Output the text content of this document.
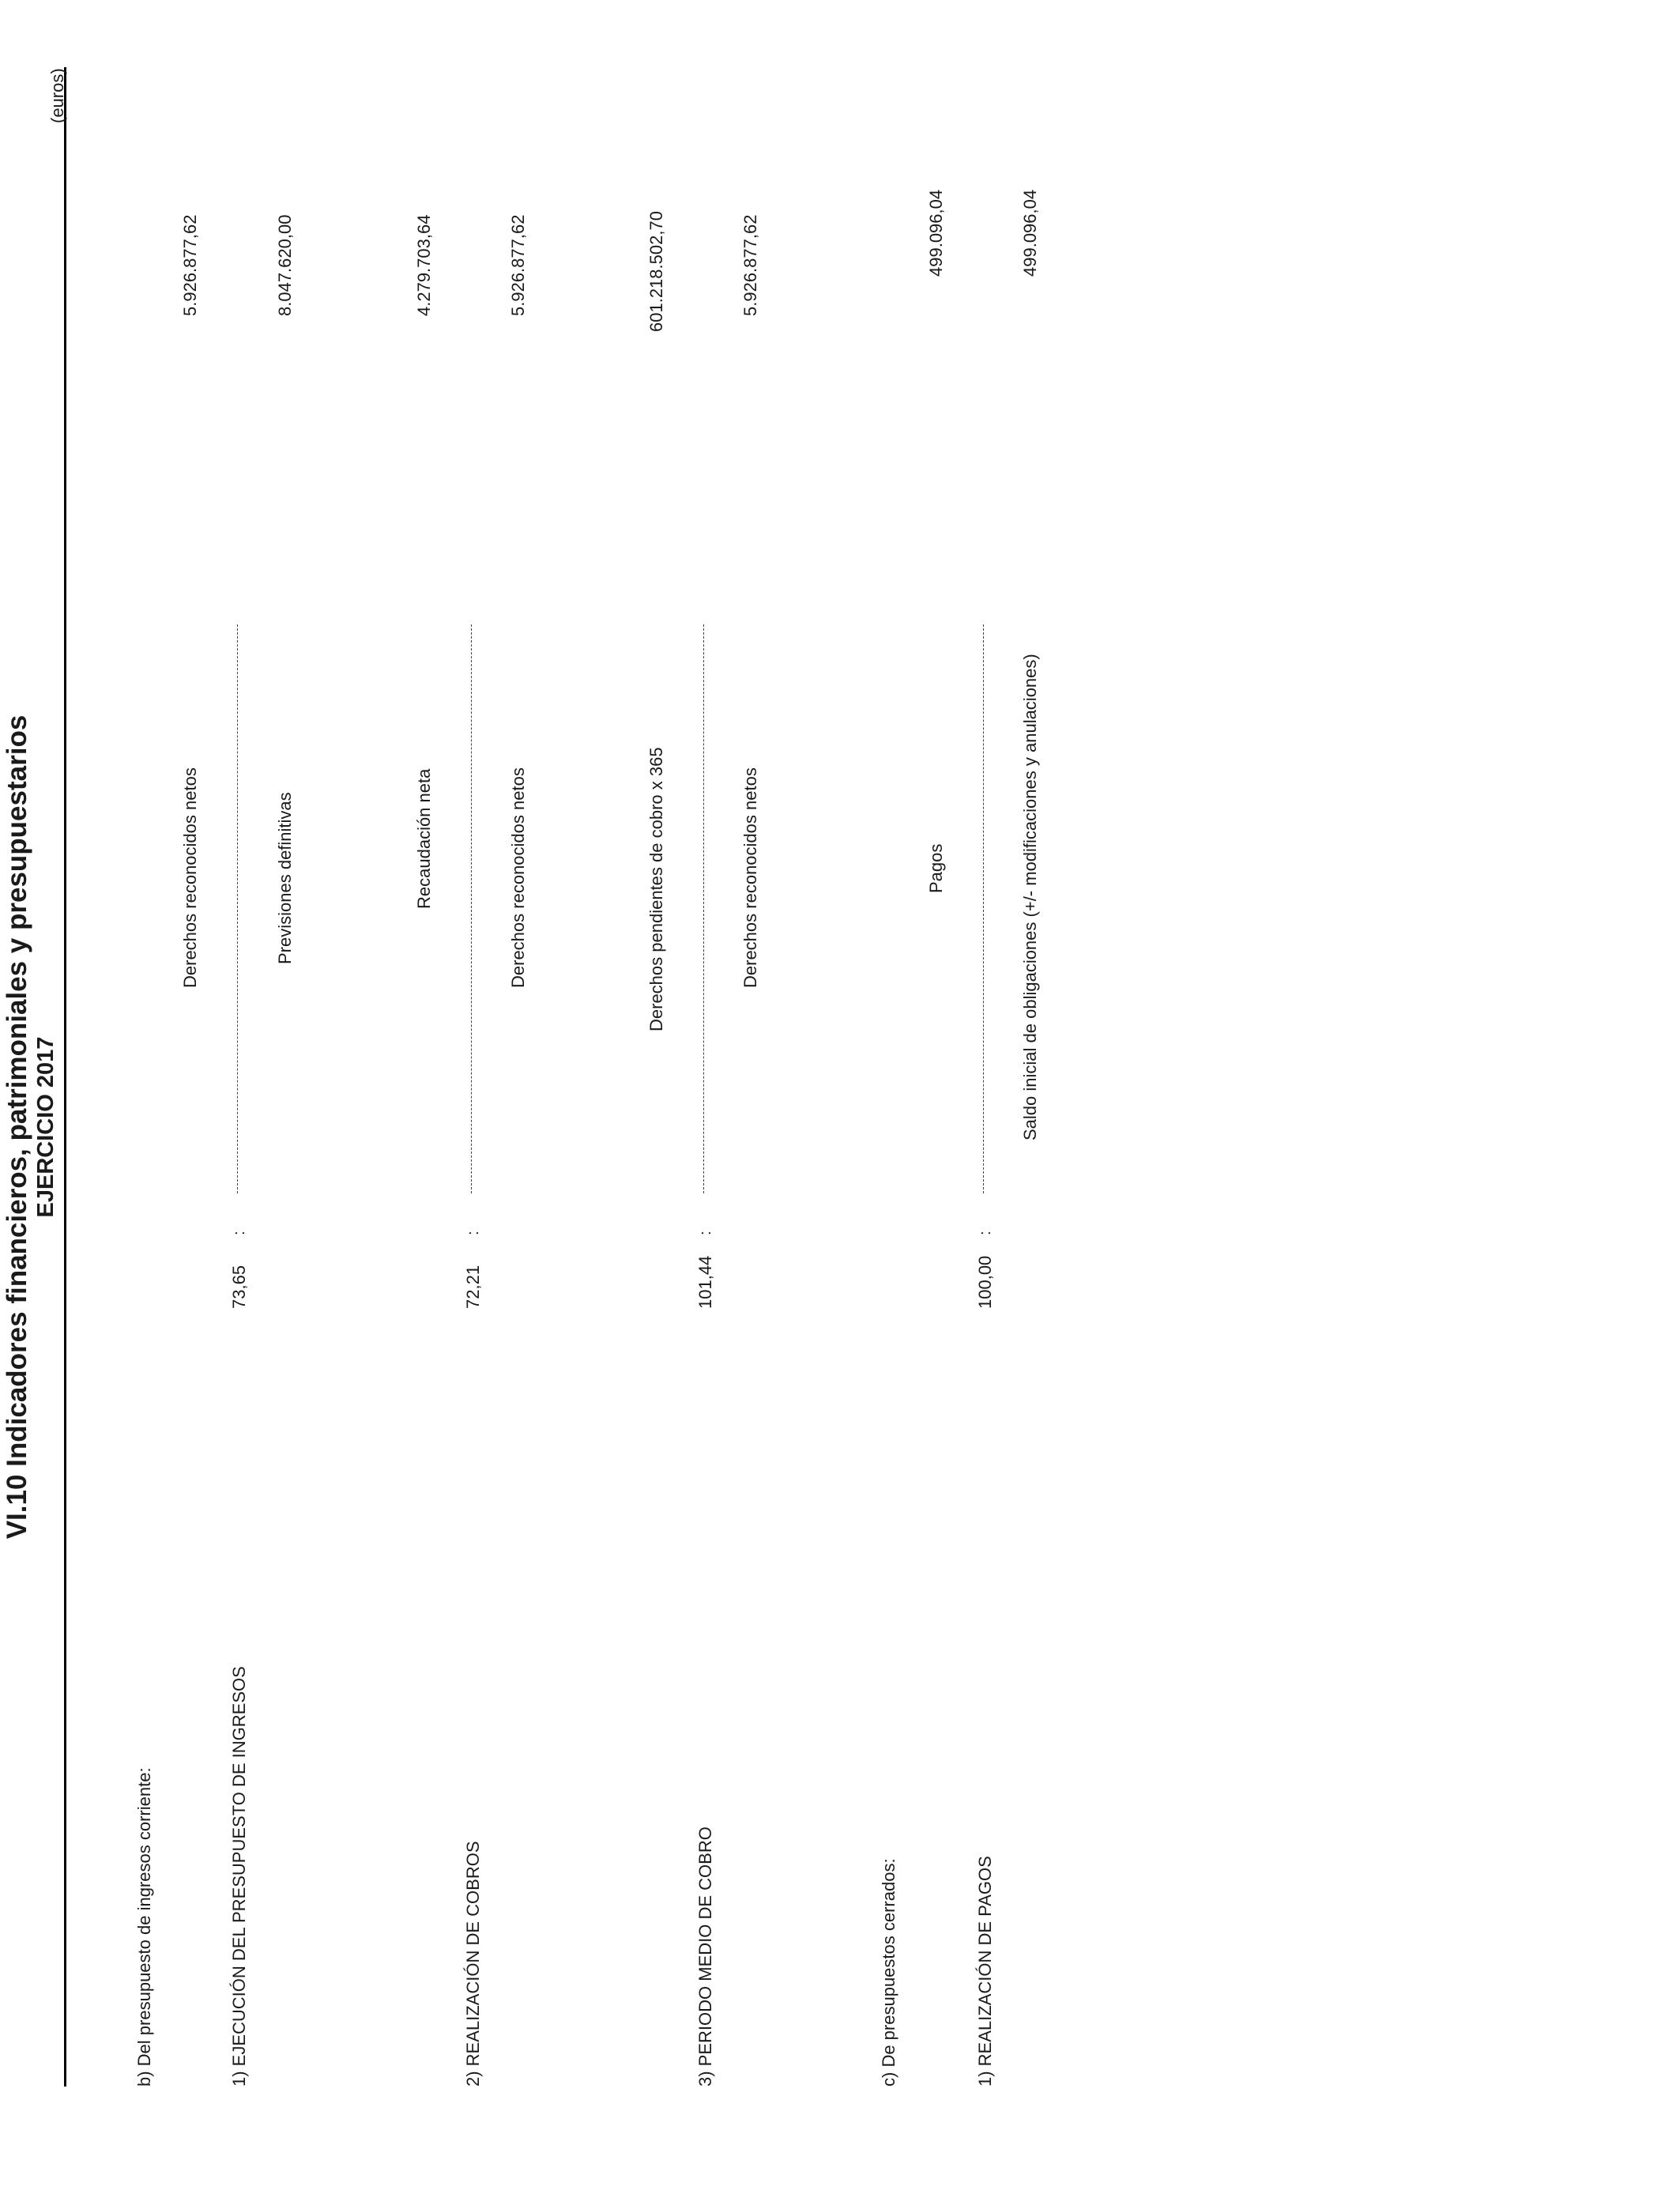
VI.10 Indicadores financieros, patrimoniales y presupuestarios EJERCICIO 2017
(euros)
b) Del presupuesto de ingresos corriente:	1) EJECUCIÓN DEL PRESUPUESTO DE INGRESOS
73,65
:
Derechos reconocidos netos	Previsiones definitivas
5.926.877,62	8.047.620,00
2) REALIZACIÓN DE COBROS
72,21
:
Recaudación neta	Derechos reconocidos netos
4.279.703,64	5.926.877,62
3) PERIODO MEDIO DE COBRO
101,44
:
Derechos pendientes de cobro x 365	Derechos reconocidos netos
601.218.502,70	5.926.877,62
c) De presupuestos cerrados:	1) REALIZACIÓN DE PAGOS
100,00
:
Pagos	Saldo inicial de obligaciones (+/- modificaciones y anulaciones)
499.096,04	499.096,04
